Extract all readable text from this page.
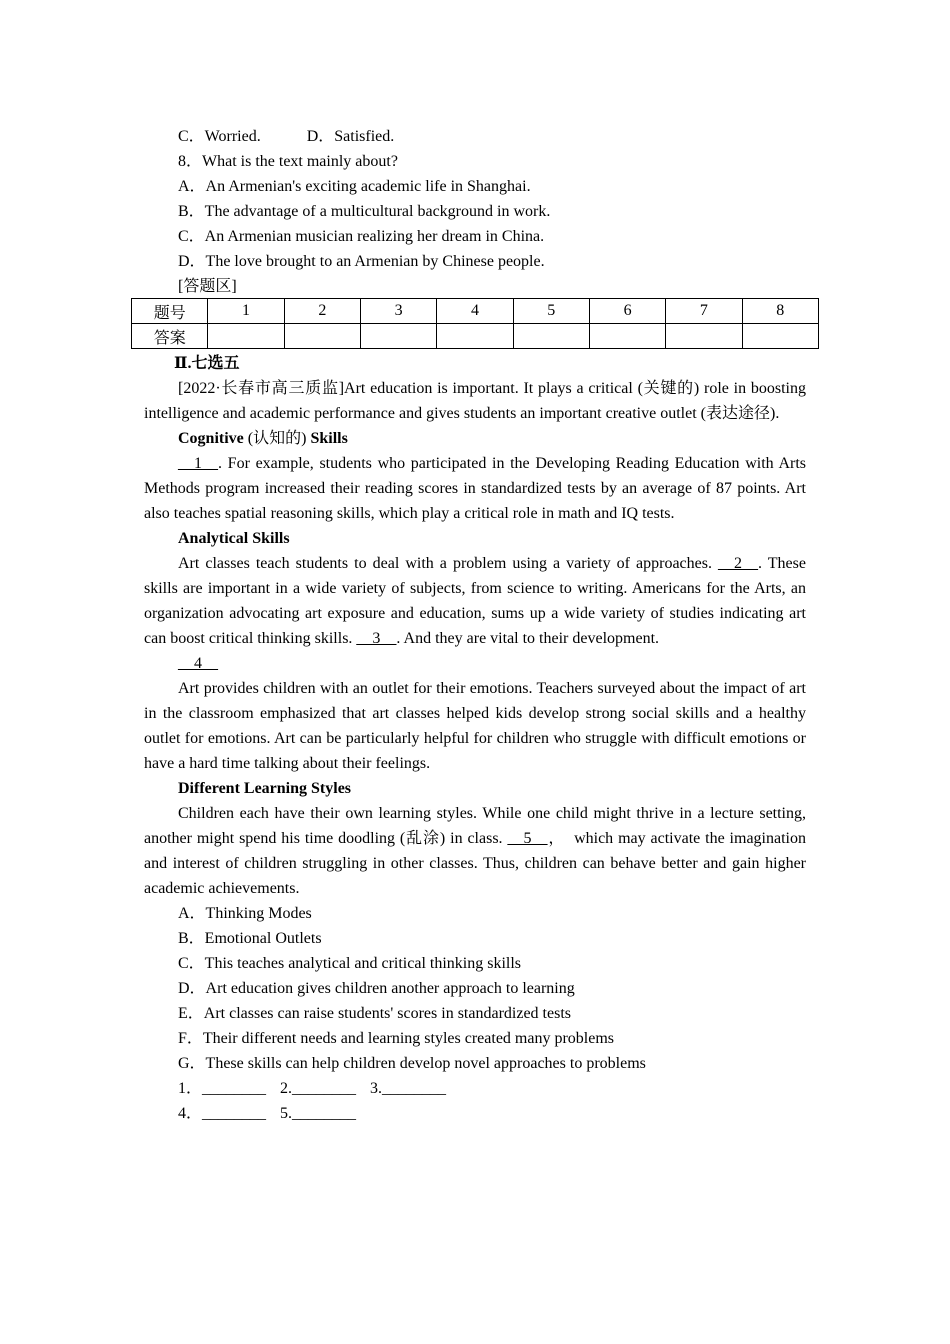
C．Worried.	D．Satisfied.
8．What is the text mainly about?
A．An Armenian's exciting academic life in Shanghai.
B．The advantage of a multicultural background in work.
C．An Armenian musician realizing her dream in China.
D．The love brought to an Armenian by Chinese people.
[答题区]
题号	1	2	3	4	5	6	7	8
答案								
Ⅱ.七选五

[2022·长春市高三质监]Art education is important. It plays a critical (关键的) role in boosting intelligence and academic performance and gives students an important creative outlet (表达途径).

Cognitive (认知的) Skills

__1__. For example, students who participated in the Developing Reading Education with Arts Methods program increased their reading scores in standardized tests by an average of 87 points. Art also teaches spatial reasoning skills, which play a critical role in math and IQ tests.

Analytical Skills

Art classes teach students to deal with a problem using a variety of approaches. __2__. These skills are important in a wide variety of subjects, from science to writing. Americans for the Arts, an organization advocating art exposure and education, sums up a wide variety of studies indicating art can boost critical thinking skills. __3__. And they are vital to their development.

__4__

Art provides children with an outlet for their emotions. Teachers surveyed about the impact of art in the classroom emphasized that art classes helped kids develop strong social skills and a healthy outlet for emotions. Art can be particularly helpful for children who struggle with difficult emotions or have a hard time talking about their feelings.

Different Learning Styles

Children each have their own learning styles. While one child might thrive in a lecture setting, another might spend his time doodling (乱涂) in class. __5__，　which may activate the imagination and interest of children struggling in other classes. Thus, children can behave better and gain higher academic achievements.

A．Thinking Modes
B．Emotional Outlets
C．This teaches analytical and critical thinking skills
D．Art education gives children another approach to learning
E．Art classes can raise students' scores in standardized tests
F．Their different needs and learning styles created many problems
G．These skills can help children develop novel approaches to problems
1．________ 2.________ 3.________
4．________ 5.________
